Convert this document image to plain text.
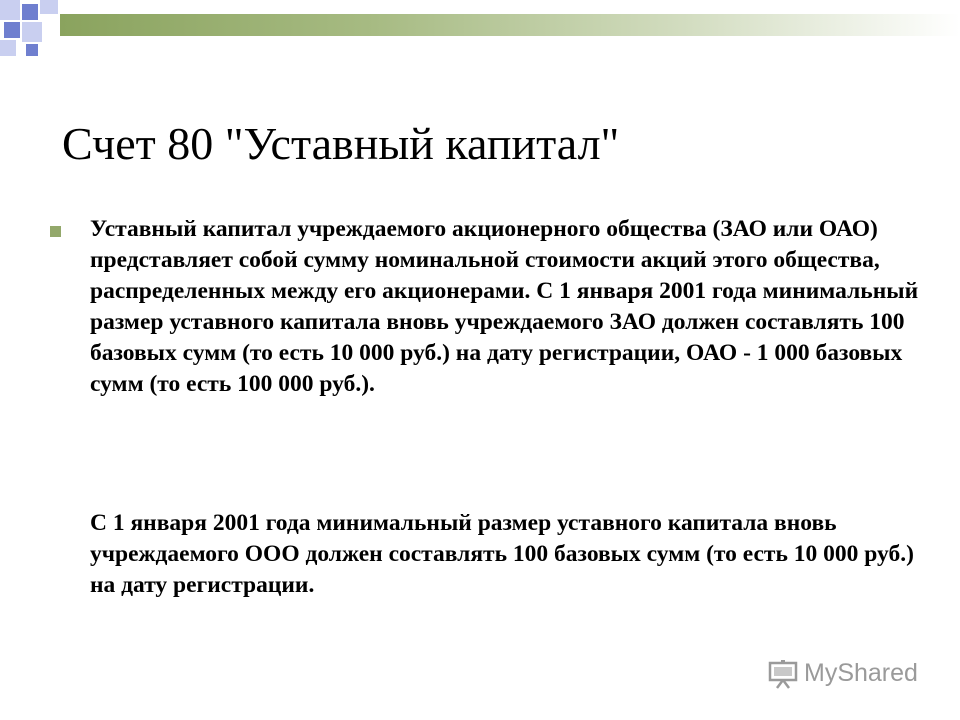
Счет 80 "Уставный капитал"
Уставный капитал учреждаемого акционерного общества (ЗАО или ОАО) представляет собой сумму номинальной стоимости акций этого общества, распределенных между его акционерами. С 1 января 2001 года минимальный размер уставного капитала вновь учреждаемого ЗАО должен составлять 100 базовых сумм (то есть 10 000 руб.) на дату регистрации, ОАО - 1 000 базовых сумм (то есть 100 000 руб.).
С 1 января 2001 года минимальный размер уставного капитала вновь учреждаемого ООО должен составлять 100 базовых сумм (то есть 10 000 руб.) на дату регистрации.
MyShared
